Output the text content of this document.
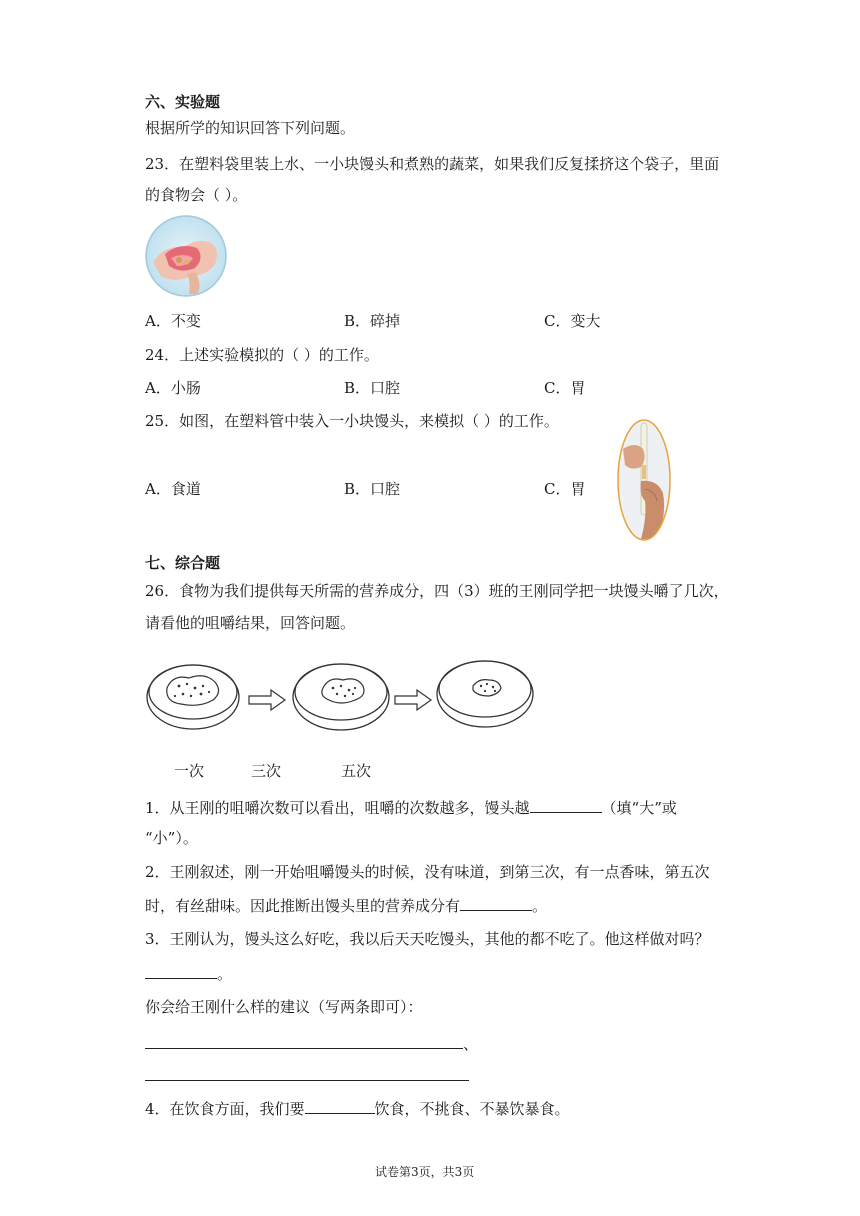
六、实验题
根据所学的知识回答下列问题。
23．在塑料袋里装上水、一小块馒头和煮熟的蔬菜，如果我们反复揉挤这个袋子，里面
的食物会（ ）。
A．不变	B．碎掉	C．变大
24．上述实验模拟的（ ）的工作。
A．小肠	B．口腔	C．胃
25．如图，在塑料管中装入一小块馒头，来模拟（ ）的工作。
A．食道	B．口腔	C．胃
七、综合题
26．食物为我们提供每天所需的营养成分，四（3）班的王刚同学把一块馒头嚼了几次，
请看他的咀嚼结果，回答问题。
一次	三次	五次
1．从王刚的咀嚼次数可以看出，咀嚼的次数越多，馒头越	（填“大”或
“小”）。
2．王刚叙述，刚一开始咀嚼馒头的时候，没有味道，到第三次，有一点香味，第五次
时，有丝甜味。因此推断出馒头里的营养成分有	。
3．王刚认为，馒头这么好吃，我以后天天吃馒头，其他的都不吃了。他这样做对吗？
。
你会给王刚什么样的建议（写两条即可）：
、
4．在饮食方面，我们要	饮食，不挑食、不暴饮暴食。
试卷第3页，共3页
